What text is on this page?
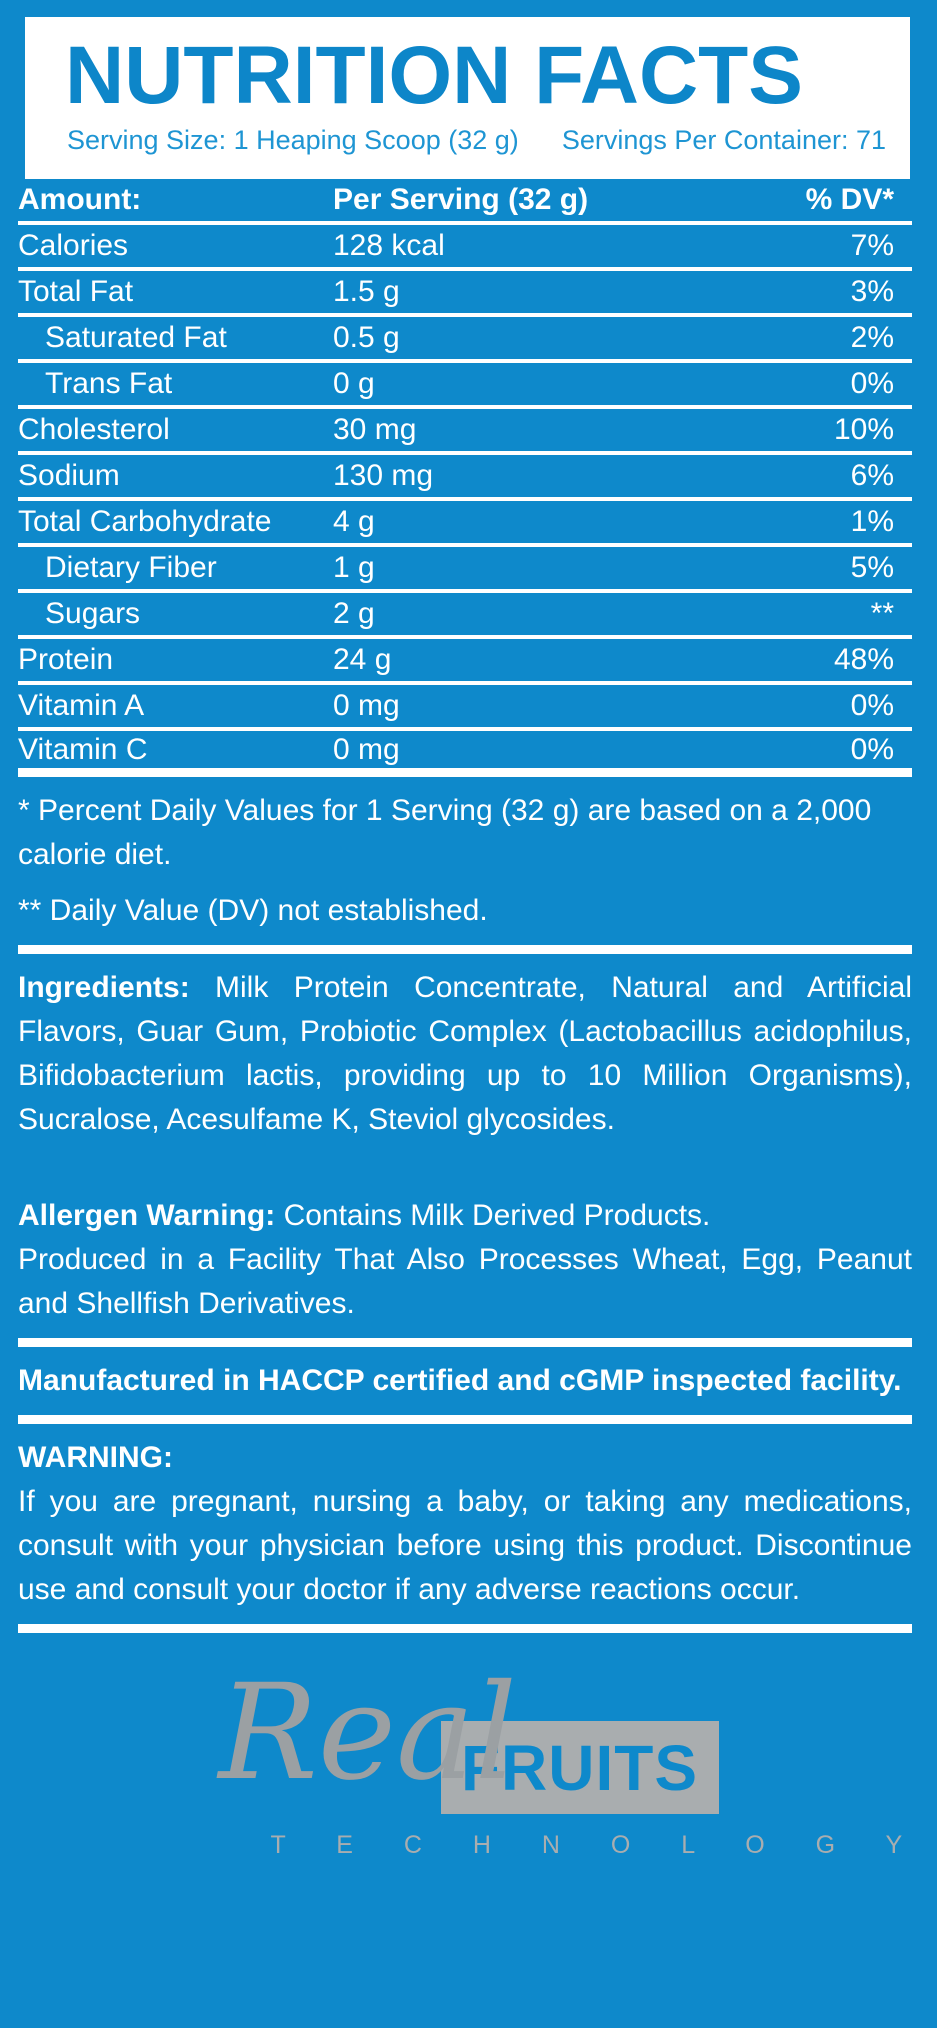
NUTRITION FACTS
Serving Size: 1 Heaping Scoop (32 g) Servings Per Container: 71
Amount:	Per Serving (32 g)	% DV*
Calories	128 kcal	7%
Total Fat	1.5 g	3%
Saturated Fat	0.5 g	2%
Trans Fat	0 g	0%
Cholesterol	30 mg	10%
Sodium	130 mg	6%
Total Carbohydrate	4 g	1%
Dietary Fiber	1 g	5%
Sugars	2 g	**
Protein	24 g	48%
Vitamin A	0 mg	0%
Vitamin C	0 mg	0%

* Percent Daily Values for 1 Serving (32 g) are based on a 2,000 calorie diet.

** Daily Value (DV) not established.

Ingredients: Milk Protein Concentrate, Natural and Artificial Flavors, Guar Gum, Probiotic Complex (Lactobacillus acidophilus, Bifidobacterium lactis, providing up to 10 Million Organisms), Sucralose, Acesulfame K, Steviol glycosides.

Allergen Warning: Contains Milk Derived Products.

Produced in a Facility That Also Processes Wheat, Egg, Peanut and Shellfish Derivatives.

Manufactured in HACCP certified and cGMP inspected facility.

WARNING:

If you are pregnant, nursing a baby, or taking any medications, consult with your physician before using this product. Discontinue use and consult your doctor if any adverse reactions occur.

Real
FRUITS
T E C H N O L O G Y
